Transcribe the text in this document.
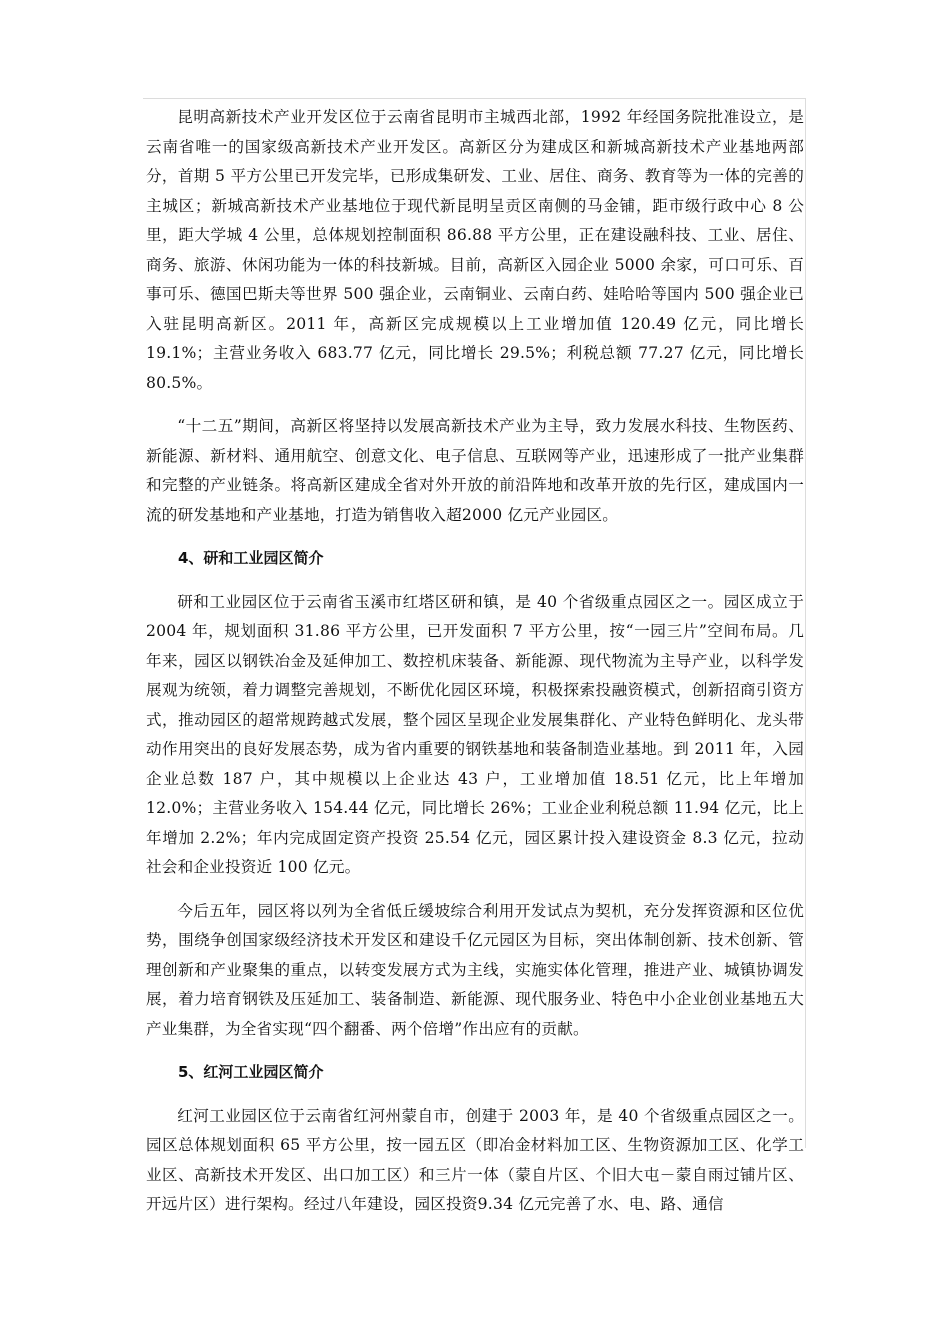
昆明高新技术产业开发区位于云南省昆明市主城西北部，1992 年经国务院批准设立，是云南省唯一的国家级高新技术产业开发区。高新区分为建成区和新城高新技术产业基地两部分，首期 5 平方公里已开发完毕，已形成集研发、工业、居住、商务、教育等为一体的完善的主城区；新城高新技术产业基地位于现代新昆明呈贡区南侧的马金铺，距市级行政中心 8 公里，距大学城 4 公里，总体规划控制面积 86.88 平方公里，正在建设融科技、工业、居住、商务、旅游、休闲功能为一体的科技新城。目前，高新区入园企业 5000 余家，可口可乐、百事可乐、德国巴斯夫等世界 500 强企业，云南铜业、云南白药、娃哈哈等国内 500 强企业已入驻昆明高新区。2011 年，高新区完成规模以上工业增加值 120.49 亿元，同比增长 19.1%；主营业务收入 683.77 亿元，同比增长 29.5%；利税总额 77.27 亿元，同比增长 80.5%。

“十二五”期间，高新区将坚持以发展高新技术产业为主导，致力发展水科技、生物医药、新能源、新材料、通用航空、创意文化、电子信息、互联网等产业，迅速形成了一批产业集群和完整的产业链条。将高新区建成全省对外开放的前沿阵地和改革开放的先行区，建成国内一流的研发基地和产业基地，打造为销售收入超2000 亿元产业园区。

4、研和工业园区简介

研和工业园区位于云南省玉溪市红塔区研和镇，是 40 个省级重点园区之一。园区成立于 2004 年，规划面积 31.86 平方公里，已开发面积 7 平方公里，按“一园三片”空间布局。几年来，园区以钢铁冶金及延伸加工、数控机床装备、新能源、现代物流为主导产业，以科学发展观为统领，着力调整完善规划，不断优化园区环境，积极探索投融资模式，创新招商引资方式，推动园区的超常规跨越式发展，整个园区呈现企业发展集群化、产业特色鲜明化、龙头带动作用突出的良好发展态势，成为省内重要的钢铁基地和装备制造业基地。到 2011 年，入园企业总数 187 户，其中规模以上企业达 43 户，工业增加值 18.51 亿元，比上年增加 12.0%；主营业务收入 154.44 亿元，同比增长 26%；工业企业利税总额 11.94 亿元，比上年增加 2.2%；年内完成固定资产投资 25.54 亿元，园区累计投入建设资金 8.3 亿元，拉动社会和企业投资近 100 亿元。

今后五年，园区将以列为全省低丘缓坡综合利用开发试点为契机，充分发挥资源和区位优势，围绕争创国家级经济技术开发区和建设千亿元园区为目标，突出体制创新、技术创新、管理创新和产业聚集的重点，以转变发展方式为主线，实施实体化管理，推进产业、城镇协调发展，着力培育钢铁及压延加工、装备制造、新能源、现代服务业、特色中小企业创业基地五大产业集群，为全省实现“四个翻番、两个倍增”作出应有的贡献。

5、红河工业园区简介

红河工业园区位于云南省红河州蒙自市，创建于 2003 年，是 40 个省级重点园区之一。园区总体规划面积 65 平方公里，按一园五区（即冶金材料加工区、生物资源加工区、化学工业区、高新技术开发区、出口加工区）和三片一体（蒙自片区、个旧大屯－蒙自雨过铺片区、开远片区）进行架构。经过八年建设，园区投资9.34 亿元完善了水、电、路、通信
